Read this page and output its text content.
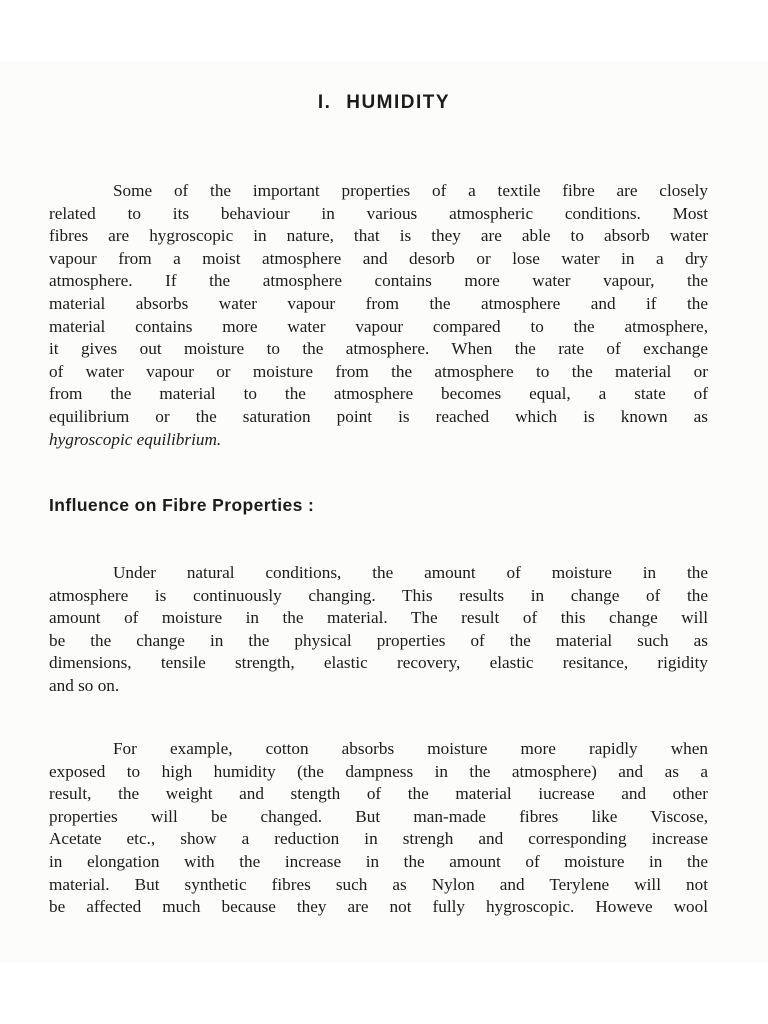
I. HUMIDITY
Some of the important properties of a textile fibre are closely
related to its behaviour in various atmospheric conditions. Most
fibres are hygroscopic in nature, that is they are able to absorb water
vapour from a moist atmosphere and desorb or lose water in a dry
atmosphere. If the atmosphere contains more water vapour, the
material absorbs water vapour from the atmosphere and if the
material contains more water vapour compared to the atmosphere,
it gives out moisture to the atmosphere. When the rate of exchange
of water vapour or moisture from the atmosphere to the material or
from the material to the atmosphere becomes equal, a state of
equilibrium or the saturation point is reached which is known as
hygroscopic equilibrium.
Influence on Fibre Properties :
Under natural conditions, the amount of moisture in the
atmosphere is continuously changing. This results in change of the
amount of moisture in the material. The result of this change will
be the change in the physical properties of the material such as
dimensions, tensile strength, elastic recovery, elastic resitance, rigidity
and so on.
For example, cotton absorbs moisture more rapidly when
exposed to high humidity (the dampness in the atmosphere) and as a
result, the weight and stength of the material iucrease and other
properties will be changed. But man-made fibres like Viscose,
Acetate etc., show a reduction in strengh and corresponding increase
in elongation with the increase in the amount of moisture in the
material. But synthetic fibres such as Nylon and Terylene will not
be affected much because they are not fully hygroscopic. Howeve wool
